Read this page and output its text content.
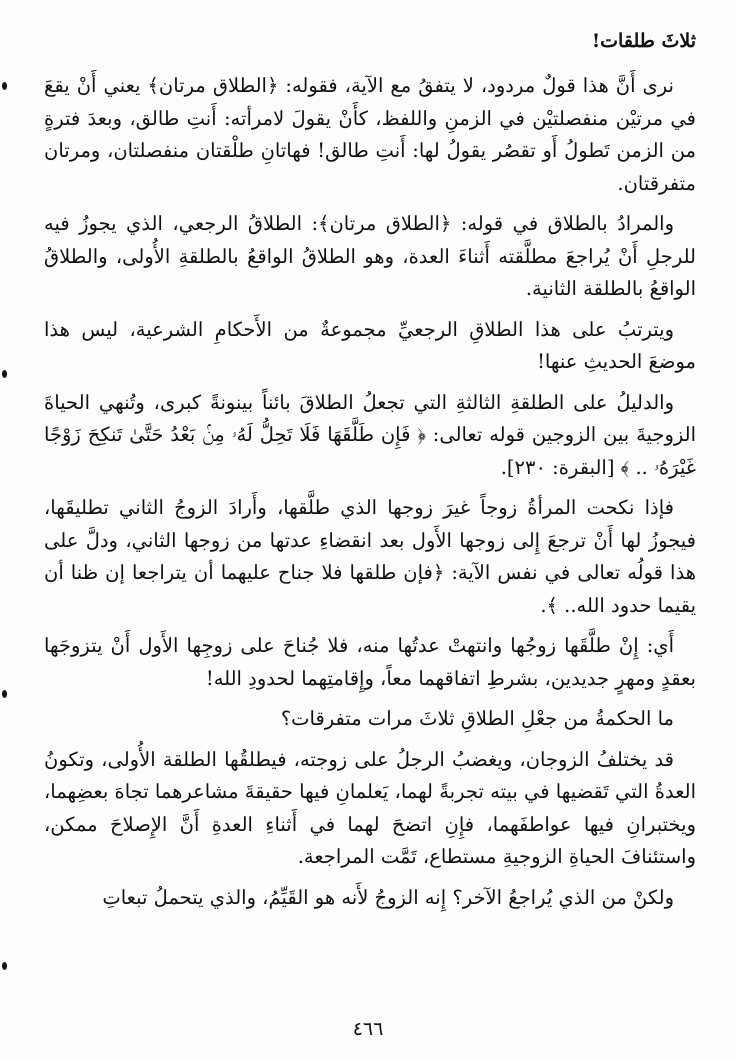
ثلاثَ طلقات!

نرى أَنَّ هذا قولٌ مردود، لا يتفقُ مع الآية، فقوله: ﴿الطلاق مرتان﴾ يعني أَنْ يقعَ في مرتيْن منفصلتيْن في الزمنِ واللفظ، كأَنْ يقولَ لامرأته: أَنتِ طالق، وبعدَ فترةٍ من الزمن تَطولُ أَو تقصُر يقولُ لها: أَنتِ طالق! فهاتانِ طلْقتان منفصلتان، ومرتان متفرقتان.

والمرادُ بالطلاق في قوله: ﴿الطلاق مرتان﴾: الطلاقُ الرجعي، الذي يجوزُ فيه للرجلِ أَنْ يُراجعَ مطلَّقته أَثناءَ العدة، وهو الطلاقُ الواقعُ بالطلقةِ الأُولى، والطلاقُ الواقعُ بالطلقة الثانية.

ويترتبُ على هذا الطلاقِ الرجعيِّ مجموعةٌ من الأَحكامِ الشرعية، ليس هذا موضعَ الحديثِ عنها!

والدليلُ على الطلقةِ الثالثةِ التي تجعلُ الطلاقَ بائناً بينونةً كبرى، وتُنهي الحياةَ الزوجيةَ بين الزوجين قوله تعالى: ﴿ فَإِن طَلَّقَهَا فَلَا تَحِلُّ لَهُۥ مِنۢ بَعْدُ حَتَّىٰ تَنكِحَ زَوْجًا غَيْرَهُۥ .. ﴾ [البقرة: ٢٣٠].

فإذا نكحت المرأةُ زوجاً غيرَ زوجها الذي طلَّقها، وأَرادَ الزوجُ الثاني تطليقَها، فيجوزُ لها أَنْ ترجعَ إِلى زوجها الأَول بعد انقضاءِ عدتها من زوجها الثاني، ودلَّ على هذا قولُه تعالى في نفس الآية: ﴿فإن طلقها فلا جناح عليهما أن يتراجعا إن ظنا أن يقيما حدود الله.. ﴾.

أَي: إِنْ طلَّقَها زوجُها وانتهتْ عدتُها منه، فلا جُناحَ على زوجِها الأَول أَنْ يتزوجَها بعقدٍ ومهرٍ جديدين، بشرطِ اتفاقهما معاً، وإِقامتِهما لحدودِ الله!

ما الحكمةُ من جعْلِ الطلاقِ ثلاثَ مرات متفرقات؟

قد يختلفُ الزوجان، ويغضبُ الرجلُ على زوجته، فيطلقُها الطلقة الأُولى، وتكونُ العدةُ التي تَقضيها في بيته تجربةً لهما، يَعلمانِ فيها حقيقةَ مشاعرهما تجاهَ بعضِهما، ويختبرانِ فيها عواطفَهما، فإِنِ اتضحَ لهما في أَثناءِ العدةِ أَنَّ الإِصلاحَ ممكن، واستئنافَ الحياةِ الزوجيةِ مستطاع، تَمَّت المراجعة.

ولكنْ من الذي يُراجعُ الآخر؟ إِنه الزوجُ لأَنه هو القَيِّمُ، والذي يتحملُ تبعاتِ

٤٦٦
